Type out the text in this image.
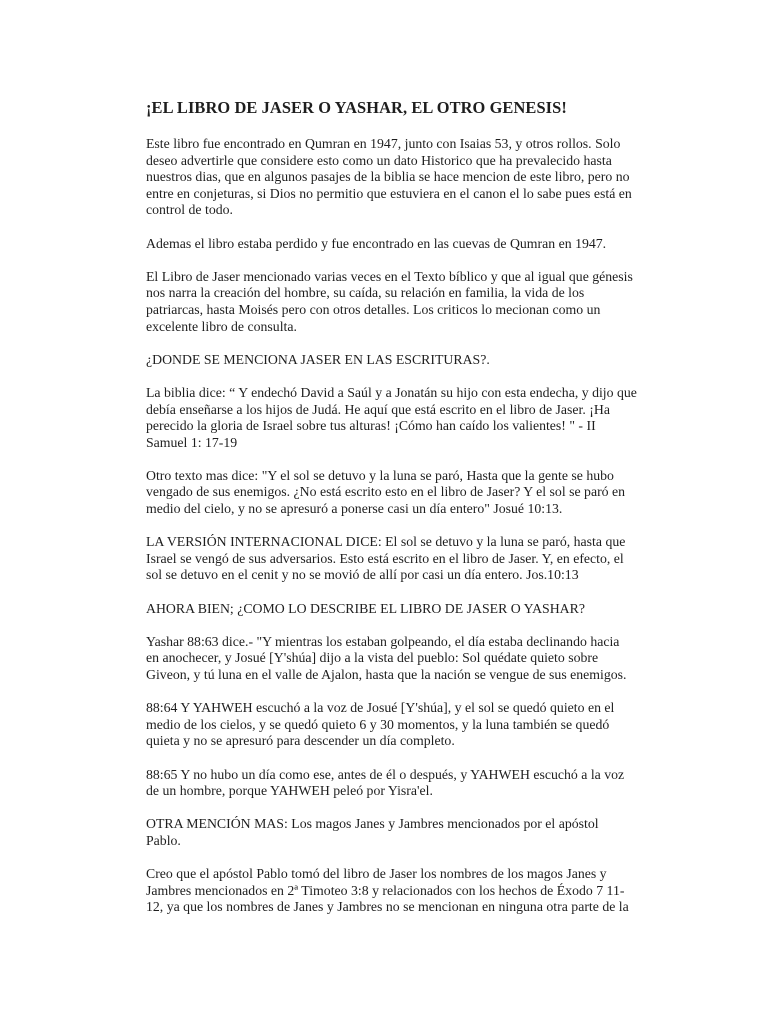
¡EL LIBRO DE JASER O YASHAR, EL OTRO GENESIS!
Este libro fue encontrado en Qumran en 1947, junto con Isaias 53, y otros rollos. Solo
deseo advertirle que considere esto como un dato Historico que ha prevalecido hasta
nuestros dias, que en algunos pasajes de la biblia se hace mencion de este libro, pero no
entre en conjeturas, si Dios no permitio que estuviera en el canon el lo sabe pues está en
control de todo.
Ademas el libro estaba perdido y fue encontrado en las cuevas de Qumran en 1947.
El Libro de Jaser mencionado varias veces en el Texto bíblico y que al igual que génesis
nos narra la creación del hombre, su caída, su relación en familia, la vida de los
patriarcas, hasta Moisés pero con otros detalles. Los criticos lo mecionan como un
excelente libro de consulta.
¿DONDE SE MENCIONA JASER EN LAS ESCRITURAS?.
La biblia dice: “ Y endechó David a Saúl y a Jonatán su hijo con esta endecha, y dijo que
debía enseñarse a los hijos de Judá. He aquí que está escrito en el libro de Jaser. ¡Ha
perecido la gloria de Israel sobre tus alturas! ¡Cómo han caído los valientes! " - II
Samuel 1: 17-19
Otro texto mas dice: "Y el sol se detuvo y la luna se paró, Hasta que la gente se hubo
vengado de sus enemigos. ¿No está escrito esto en el libro de Jaser? Y el sol se paró en
medio del cielo, y no se apresuró a ponerse casi un día entero" Josué 10:13.
LA VERSIÓN INTERNACIONAL DICE: El sol se detuvo y la luna se paró, hasta que
Israel se vengó de sus adversarios. Esto está escrito en el libro de Jaser. Y, en efecto, el
sol se detuvo en el cenit y no se movió de allí por casi un día entero. Jos.10:13
AHORA BIEN; ¿COMO LO DESCRIBE EL LIBRO DE JASER O YASHAR?
Yashar 88:63 dice.- "Y mientras los estaban golpeando, el día estaba declinando hacia
en anochecer, y Josué [Y'shúa] dijo a la vista del pueblo: Sol quédate quieto sobre
Giveon, y tú luna en el valle de Ajalon, hasta que la nación se vengue de sus enemigos.
88:64 Y YAHWEH escuchó a la voz de Josué [Y'shúa], y el sol se quedó quieto en el
medio de los cielos, y se quedó quieto 6 y 30 momentos, y la luna también se quedó
quieta y no se apresuró para descender un día completo.
88:65 Y no hubo un día como ese, antes de él o después, y YAHWEH escuchó a la voz
de un hombre, porque YAHWEH peleó por Yisra'el.
OTRA MENCIÓN MAS: Los magos Janes y Jambres mencionados por el apóstol
Pablo.
Creo que el apóstol Pablo tomó del libro de Jaser los nombres de los magos Janes y
Jambres mencionados en 2ª Timoteo 3:8 y relacionados con los hechos de Éxodo 7 11-
12, ya que los nombres de Janes y Jambres no se mencionan en ninguna otra parte de la
